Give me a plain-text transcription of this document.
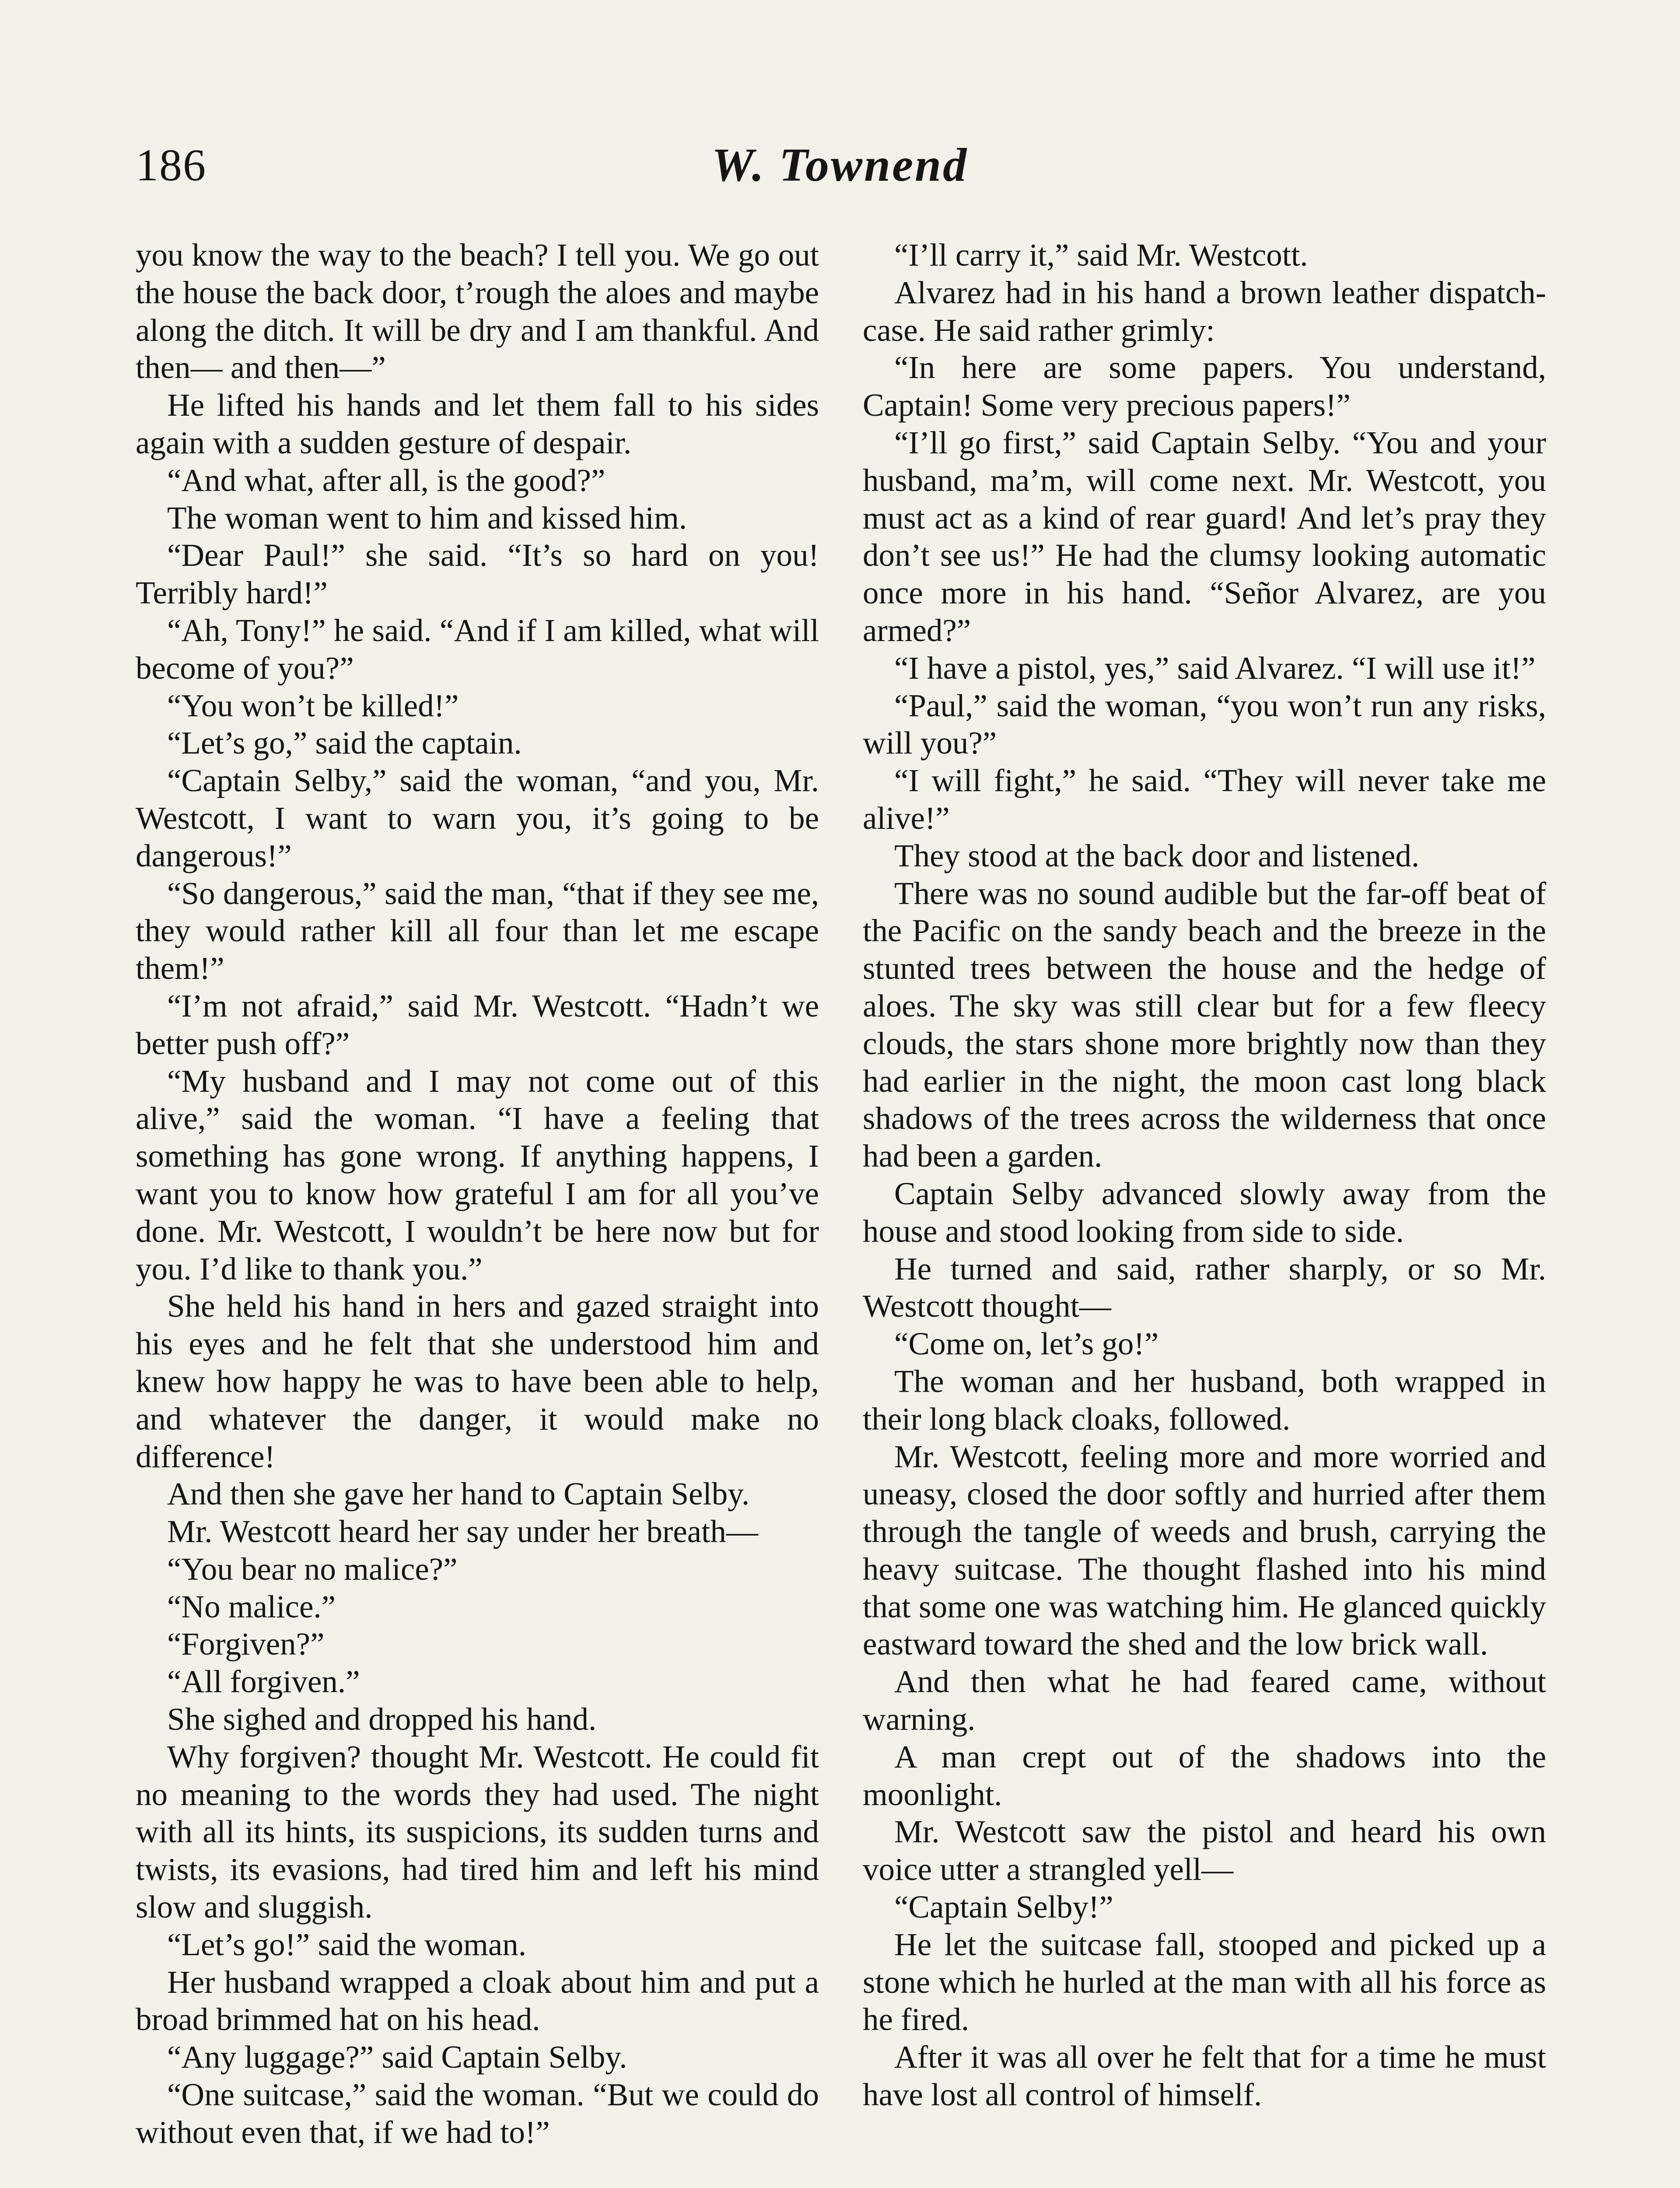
186	W. Townend

you know the way to the beach? I tell you. We go out the house the back door, t’rough the aloes and maybe along the ditch. It will be dry and I am thankful. And then— and then—”

He lifted his hands and let them fall to his sides again with a sudden gesture of despair.

“And what, after all, is the good?”

The woman went to him and kissed him.

“Dear Paul!” she said. “It’s so hard on you! Terribly hard!”

“Ah, Tony!” he said. “And if I am killed, what will become of you?”

“You won’t be killed!”

“Let’s go,” said the captain.

“Captain Selby,” said the woman, “and you, Mr. Westcott, I want to warn you, it’s going to be dangerous!”

“So dangerous,” said the man, “that if they see me, they would rather kill all four than let me escape them!”

“I’m not afraid,” said Mr. Westcott. “Hadn’t we better push off?”

“My husband and I may not come out of this alive,” said the woman. “I have a feeling that something has gone wrong. If anything happens, I want you to know how grateful I am for all you’ve done. Mr. Westcott, I wouldn’t be here now but for you. I’d like to thank you.”

She held his hand in hers and gazed straight into his eyes and he felt that she understood him and knew how happy he was to have been able to help, and whatever the danger, it would make no difference!

And then she gave her hand to Captain Selby.

Mr. Westcott heard her say under her breath—

“You bear no malice?”

“No malice.”

“Forgiven?”

“All forgiven.”

She sighed and dropped his hand.

Why forgiven? thought Mr. Westcott. He could fit no meaning to the words they had used. The night with all its hints, its suspicions, its sudden turns and twists, its evasions, had tired him and left his mind slow and sluggish.

“Let’s go!” said the woman.

Her husband wrapped a cloak about him and put a broad brimmed hat on his head.

“Any luggage?” said Captain Selby.

“One suitcase,” said the woman. “But we could do without even that, if we had to!”

“I’ll carry it,” said Mr. Westcott.

Alvarez had in his hand a brown leather dispatch-case. He said rather grimly:

“In here are some papers. You understand, Captain! Some very precious papers!”

“I’ll go first,” said Captain Selby. “You and your husband, ma’m, will come next. Mr. Westcott, you must act as a kind of rear guard! And let’s pray they don’t see us!” He had the clumsy looking automatic once more in his hand. “Señor Alvarez, are you armed?”

“I have a pistol, yes,” said Alvarez. “I will use it!”

“Paul,” said the woman, “you won’t run any risks, will you?”

“I will fight,” he said. “They will never take me alive!”

They stood at the back door and listened.

There was no sound audible but the far-off beat of the Pacific on the sandy beach and the breeze in the stunted trees between the house and the hedge of aloes. The sky was still clear but for a few fleecy clouds, the stars shone more brightly now than they had earlier in the night, the moon cast long black shadows of the trees across the wilderness that once had been a garden.

Captain Selby advanced slowly away from the house and stood looking from side to side.

He turned and said, rather sharply, or so Mr. Westcott thought—

“Come on, let’s go!”

The woman and her husband, both wrapped in their long black cloaks, followed.

Mr. Westcott, feeling more and more worried and uneasy, closed the door softly and hurried after them through the tangle of weeds and brush, carrying the heavy suitcase. The thought flashed into his mind that some one was watching him. He glanced quickly eastward toward the shed and the low brick wall.

And then what he had feared came, without warning.

A man crept out of the shadows into the moonlight.

Mr. Westcott saw the pistol and heard his own voice utter a strangled yell—

“Captain Selby!”

He let the suitcase fall, stooped and picked up a stone which he hurled at the man with all his force as he fired.

After it was all over he felt that for a time he must have lost all control of himself.
